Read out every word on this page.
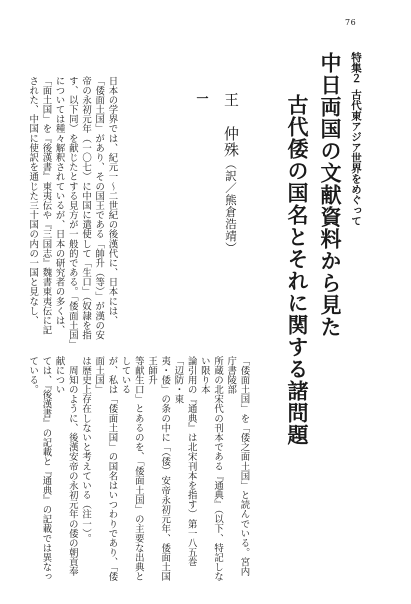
76
特集２古代東アジア世界をめぐって
中日両国の文献資料から見た
古代倭の国名とそれに関する諸問題
王仲殊（訳／熊倉浩靖）
一
日本の学界では、紀元一〜二世紀の後漢代に、日本には、
「倭面土国」があり、その国王である「帥升（等）」が漢の安
帝の永初元年（一〇七）に中国に遣使して「生口」（奴隷を指
す、以下同）を献じたとする見方が一般的である。「倭面土国」
については種々解釈されているが、日本の研究者の多くは、
「面土国」を『後漢書』東夷伝や『三国志』魏書東夷伝に記
された、中国に使訳を通じた三十国の内の一国と見なし、
「倭面土国」を「倭之面土国」と読んでいる。宮内庁書陵部
所蔵の北宋代の刊本である『通典』（以下、特記しない限り本
論引用の『通典』は北宋刊本を指す）第一八五巻「辺防・東
夷・倭」の条の中に「（倭）安帝永初元年、倭面土国王師升
等献生口」とあるのを、「倭面土国」の主要な出典としている
が、私は「倭面土国」の国名はいつわりであり、「倭面土国」
は歴史上存在しないと考えている（注一）。
　周知のように、後漢安帝の永初元年の倭の朝貢奉献につい
ては、『後漢書』の記載と『通典』の記載では異なっている。
